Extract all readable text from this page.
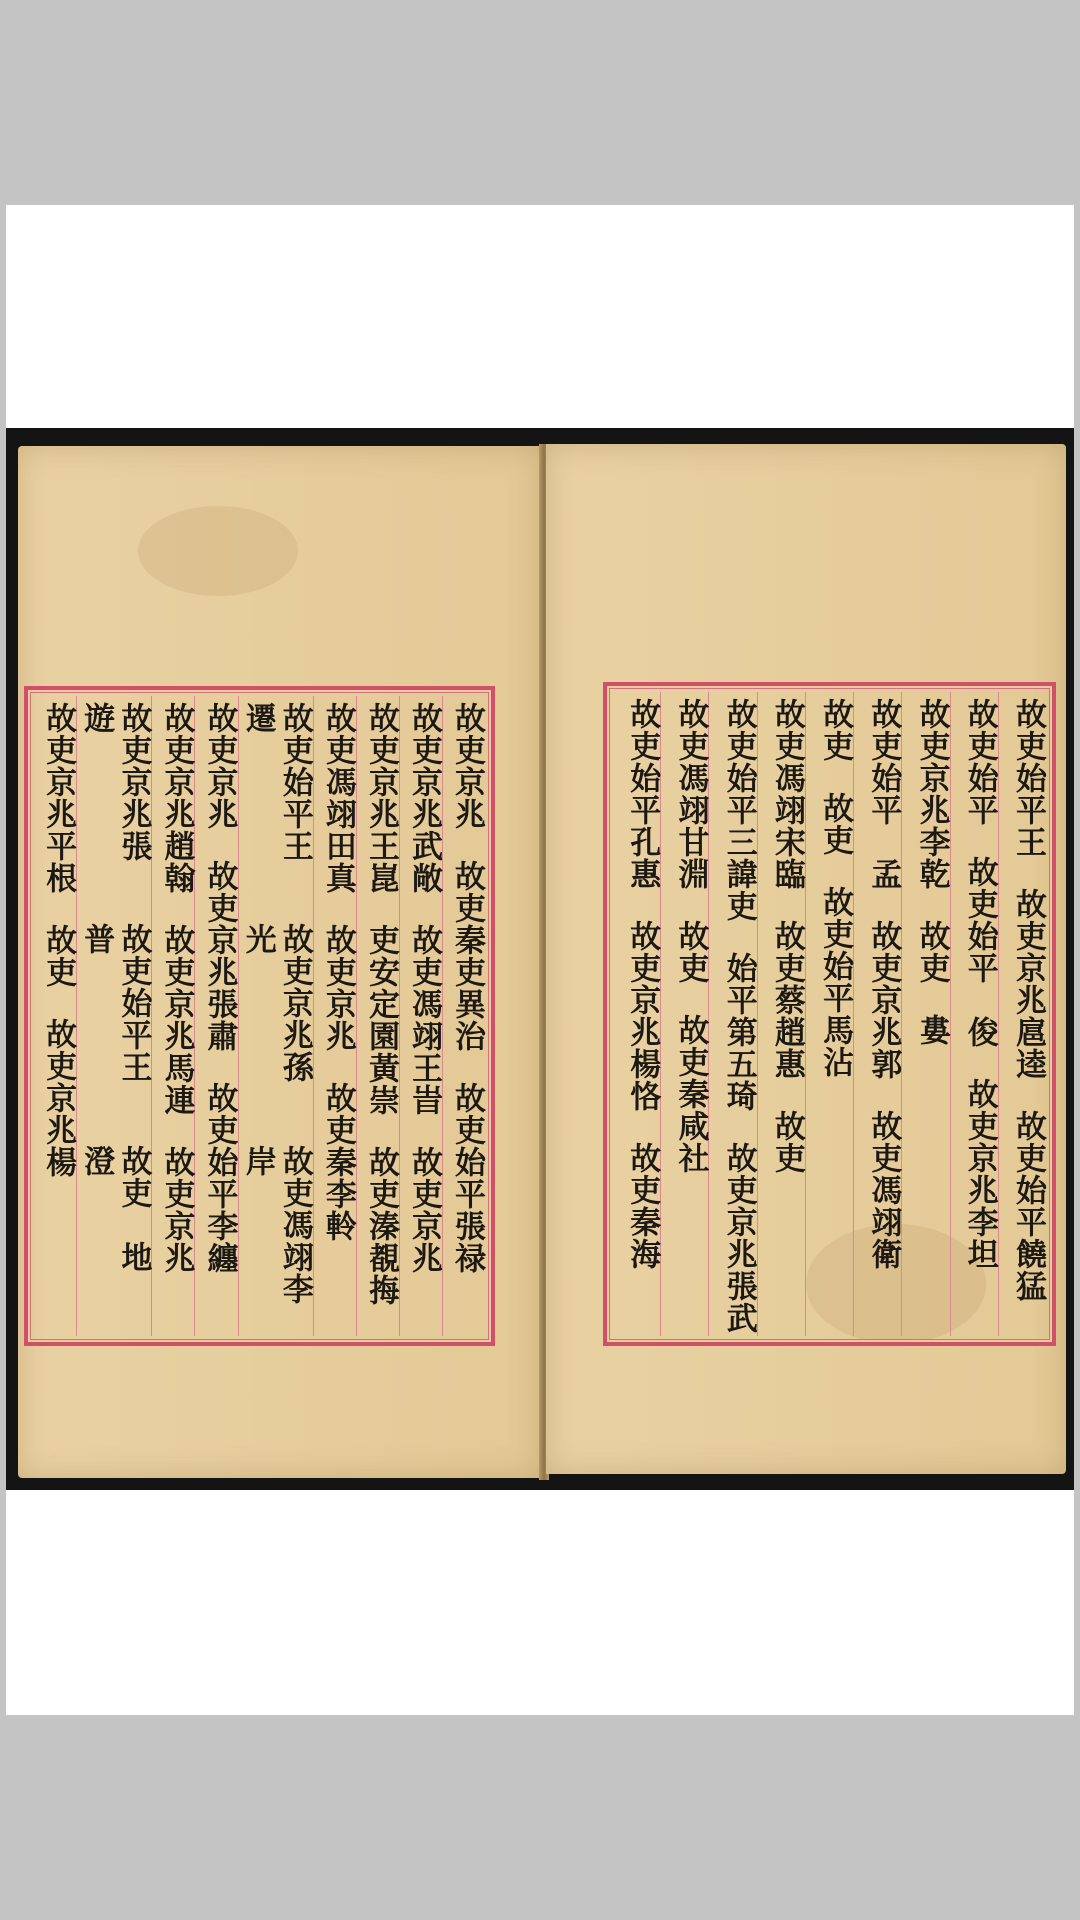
故吏京兆
故吏秦吏異治
故吏始平張禄
故吏京兆武敞
故吏馮翊王旹
故吏京兆
故吏京兆王崑
吏安定園黃崇
故吏溱覩挴
故吏馮翊田真
故吏京兆
故吏秦李軨
故吏始平王遷
故吏京兆孫光
故吏馮翊李岸
故吏京兆
故吏京兆張肅
故吏始平李纏
故吏京兆趙翰
故吏京兆馬連
故吏京兆
故吏京兆張遊
故吏始平王普
故吏　地　澄
故吏京兆平根
故吏
故吏京兆楊
故吏始平王
故吏京兆扈逵
故吏始平饒猛
故吏始平
故吏始平　俊
故吏京兆李坦
故吏京兆李乾
故吏
婁
故吏始平　孟
故吏京兆郭
故吏馮翊衛
故吏
故吏
故吏始平馬沾
故吏馮翊宋臨
故吏蔡趙惠
故吏
故吏始平三諱吏
始平第五琦
故吏京兆張武
故吏馮翊甘淵
故吏
故吏秦咸社
故吏始平孔惠
故吏京兆楊恪
故吏秦海
